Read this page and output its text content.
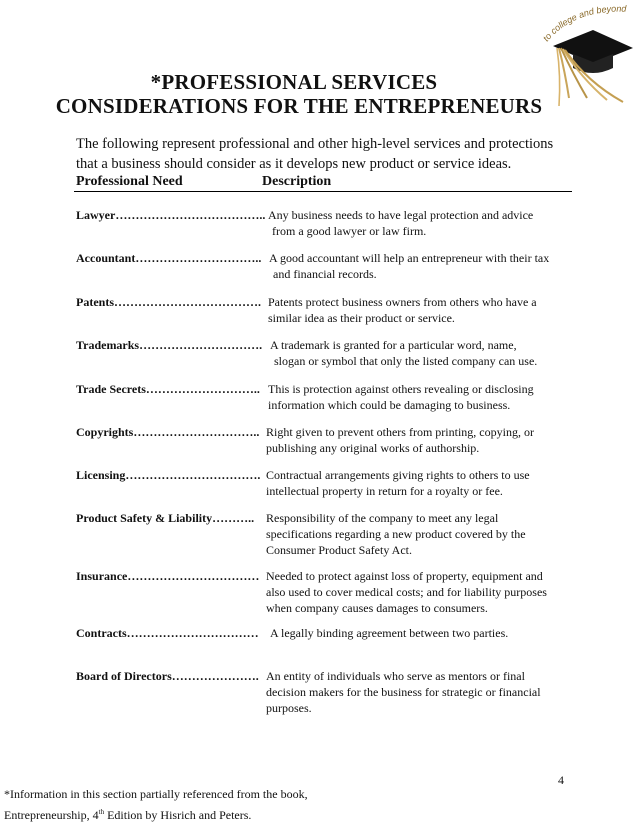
to college and beyond
*PROFESSIONAL SERVICES
CONSIDERATIONS FOR THE ENTREPRENEURS

The following represent professional and other high-level services and protections
that a business should consider as it develops new product or service ideas.

Professional Need	Description
Lawyer……………………………….. Any business needs to have legal protection and advice
from a good lawyer or law firm.
Accountant………………………….. A good accountant will help an entrepreneur with their tax
and financial records.
Patents………………………………. Patents protect business owners from others who have a
similar idea as their product or service.
Trademarks…………………………. A trademark is granted for a particular word, name,
slogan or symbol that only the listed company can use.
Trade Secrets……………………….. This is protection against others revealing or disclosing
information which could be damaging to business.
Copyrights………………………….. Right given to prevent others from printing, copying, or
publishing any original works of authorship.
Licensing……………………………. Contractual arrangements giving rights to others to use
intellectual property in return for a royalty or fee.
Product Safety & Liability……….. Responsibility of the company to meet any legal
specifications regarding a new product covered by the
Consumer Product Safety Act.
Insurance…………………………… Needed to protect against loss of property, equipment and
also used to cover medical costs; and for liability purposes
when company causes damages to consumers.
Contracts…………………………… A legally binding agreement between two parties.
Board of Directors…………………. An entity of individuals who serve as mentors or final
decision makers for the business for strategic or financial
purposes.
4

*Information in this section partially referenced from the book,
Entrepreneurship, 4th Edition by Hisrich and Peters.
